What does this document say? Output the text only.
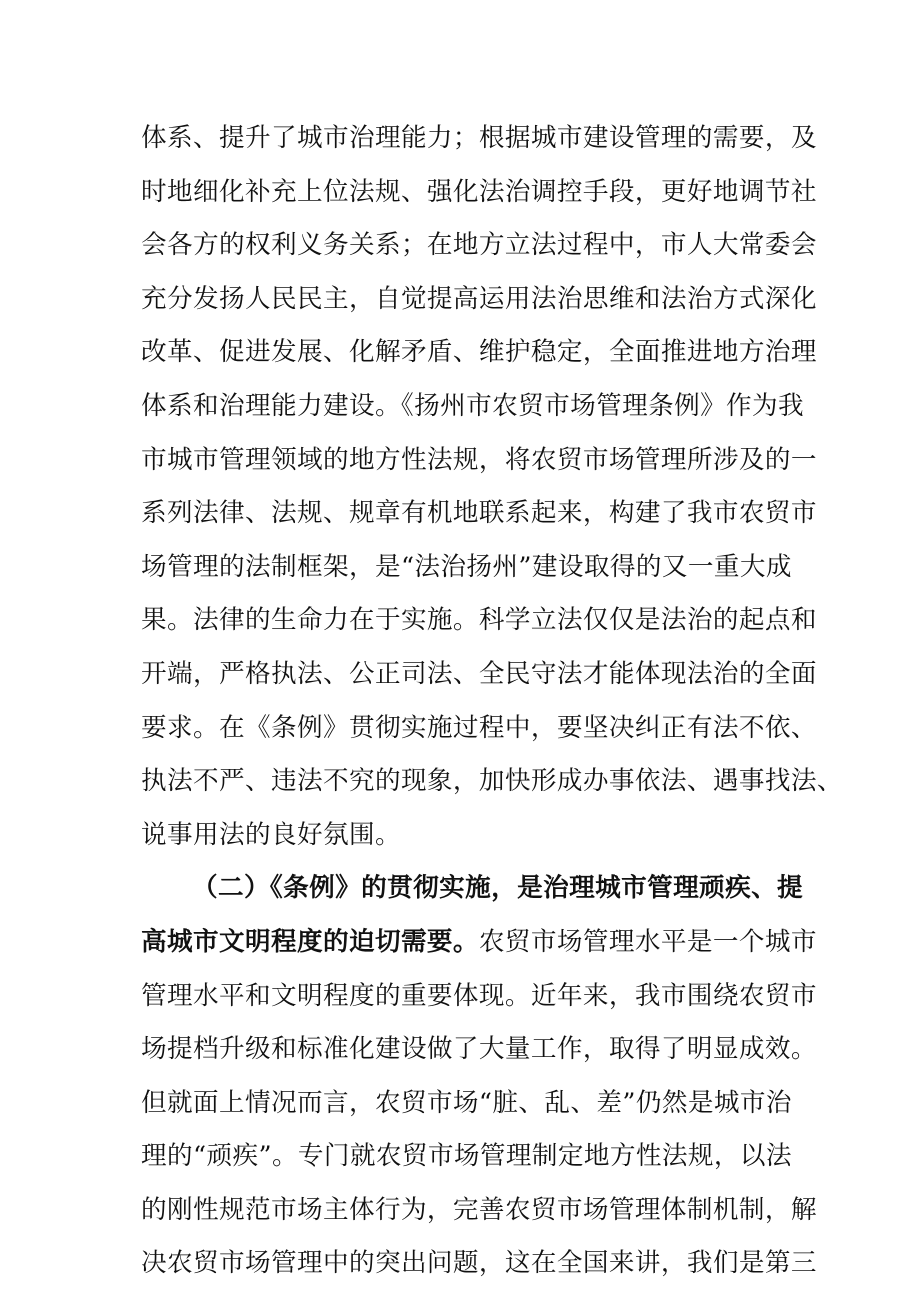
体系、提升了城市治理能力；根据城市建设管理的需要，及
时地细化补充上位法规、强化法治调控手段，更好地调节社
会各方的权利义务关系；在地方立法过程中，市人大常委会
充分发扬人民民主，自觉提高运用法治思维和法治方式深化
改革、促进发展、化解矛盾、维护稳定，全面推进地方治理
体系和治理能力建设。《扬州市农贸市场管理条例》作为我
市城市管理领域的地方性法规，将农贸市场管理所涉及的一
系列法律、法规、规章有机地联系起来，构建了我市农贸市
场管理的法制框架，是“法治扬州”建设取得的又一重大成
果。法律的生命力在于实施。科学立法仅仅是法治的起点和
开端，严格执法、公正司法、全民守法才能体现法治的全面
要求。在《条例》贯彻实施过程中，要坚决纠正有法不依、
执法不严、违法不究的现象，加快形成办事依法、遇事找法、
说事用法的良好氛围。
（二）《条例》的贯彻实施，是治理城市管理顽疾、提
高城市文明程度的迫切需要。农贸市场管理水平是一个城市
管理水平和文明程度的重要体现。近年来，我市围绕农贸市
场提档升级和标准化建设做了大量工作，取得了明显成效。
但就面上情况而言，农贸市场“脏、乱、差”仍然是城市治
理的“顽疾”。专门就农贸市场管理制定地方性法规，以法
的刚性规范市场主体行为，完善农贸市场管理体制机制，解
决农贸市场管理中的突出问题，这在全国来讲，我们是第三
